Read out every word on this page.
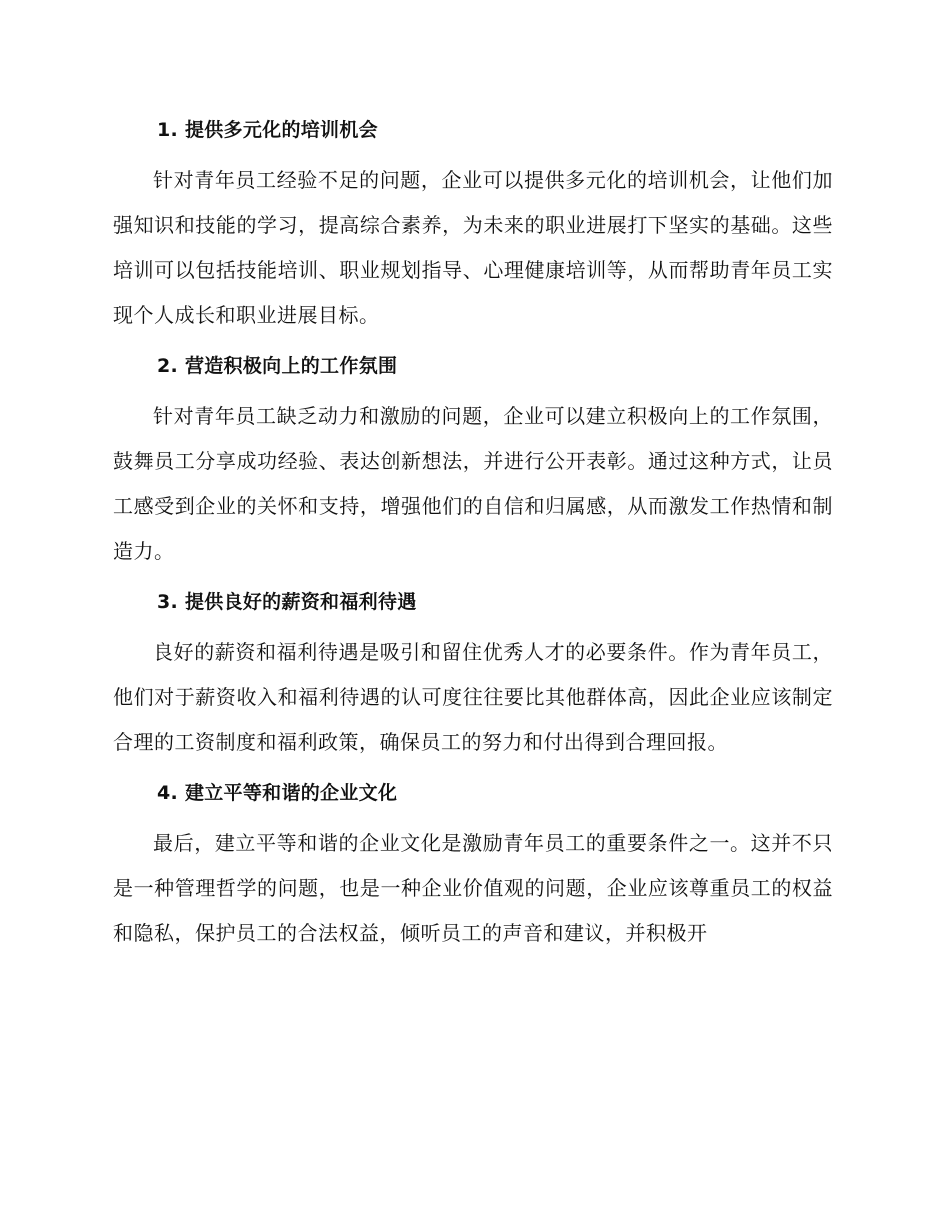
1. 提供多元化的培训机会

针对青年员工经验不足的问题，企业可以提供多元化的培训机会，让他们加强知识和技能的学习，提高综合素养，为未来的职业进展打下坚实的基础。这些培训可以包括技能培训、职业规划指导、心理健康培训等，从而帮助青年员工实现个人成长和职业进展目标。

2. 营造积极向上的工作氛围

针对青年员工缺乏动力和激励的问题，企业可以建立积极向上的工作氛围，鼓舞员工分享成功经验、表达创新想法，并进行公开表彰。通过这种方式，让员工感受到企业的关怀和支持，增强他们的自信和归属感，从而激发工作热情和制造力。

3. 提供良好的薪资和福利待遇

良好的薪资和福利待遇是吸引和留住优秀人才的必要条件。作为青年员工，他们对于薪资收入和福利待遇的认可度往往要比其他群体高，因此企业应该制定合理的工资制度和福利政策，确保员工的努力和付出得到合理回报。

4. 建立平等和谐的企业文化

最后，建立平等和谐的企业文化是激励青年员工的重要条件之一。这并不只是一种管理哲学的问题，也是一种企业价值观的问题，企业应该尊重员工的权益和隐私，保护员工的合法权益，倾听员工的声音和建议，并积极开
